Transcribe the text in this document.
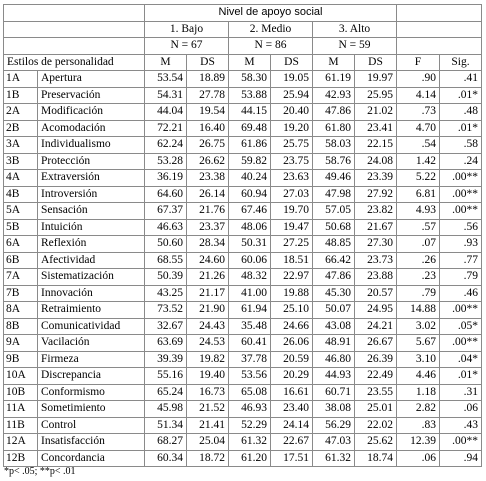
		Nivel de apoyo social							
		1. Bajo		2. Medio		3. Alto			
		N = 67		N = 86		N = 59			
Estilos de personalidad		M	DS	M	DS	M	DS	F	Sig.
1A	Apertura	53.54	18.89	58.30	19.05	61.19	19.97	.90	.41
1B	Preservación	54.31	27.78	53.88	25.94	42.93	25.95	4.14	.01*
2A	Modificación	44.04	19.54	44.15	20.40	47.86	21.02	.73	.48
2B	Acomodación	72.21	16.40	69.48	19.20	61.80	23.41	4.70	.01*
3A	Individualismo	62.24	26.75	61.86	25.75	58.03	22.15	.54	.58
3B	Protección	53.28	26.62	59.82	23.75	58.76	24.08	1.42	.24
4A	Extraversión	36.19	23.38	40.24	23.63	49.46	23.39	5.22	.00**
4B	Introversión	64.60	26.14	60.94	27.03	47.98	27.92	6.81	.00**
5A	Sensación	67.37	21.76	67.46	19.70	57.05	23.82	4.93	.00**
5B	Intuición	46.63	23.37	48.06	19.47	50.68	21.67	.57	.56
6A	Reflexión	50.60	28.34	50.31	27.25	48.85	27.30	.07	.93
6B	Afectividad	68.55	24.60	60.06	18.51	66.42	23.73	.26	.77
7A	Sistematización	50.39	21.26	48.32	22.97	47.86	23.88	.23	.79
7B	Innovación	43.25	21.17	41.00	19.88	45.30	20.57	.79	.46
8A	Retraimiento	73.52	21.90	61.94	25.10	50.07	24.95	14.88	.00**
8B	Comunicatividad	32.67	24.43	35.48	24.66	43.08	24.21	3.02	.05*
9A	Vacilación	63.69	24.53	60.41	26.06	48.91	26.67	5.67	.00**
9B	Firmeza	39.39	19.82	37.78	20.59	46.80	26.39	3.10	.04*
10A	Discrepancia	55.16	19.40	53.56	20.29	44.93	22.49	4.46	.01*
10B	Conformismo	65.24	16.73	65.08	16.61	60.71	23.55	1.18	.31
11A	Sometimiento	45.98	21.52	46.93	23.40	38.08	25.01	2.82	.06
11B	Control	51.34	21.41	52.29	24.14	56.29	22.02	.83	.43
12A	Insatisfacción	68.27	25.04	61.32	22.67	47.03	25.62	12.39	.00**
12B	Concordancia	60.34	18.72	61.20	17.51	61.32	18.74	.06	.94
*p< .05; **p< .01
